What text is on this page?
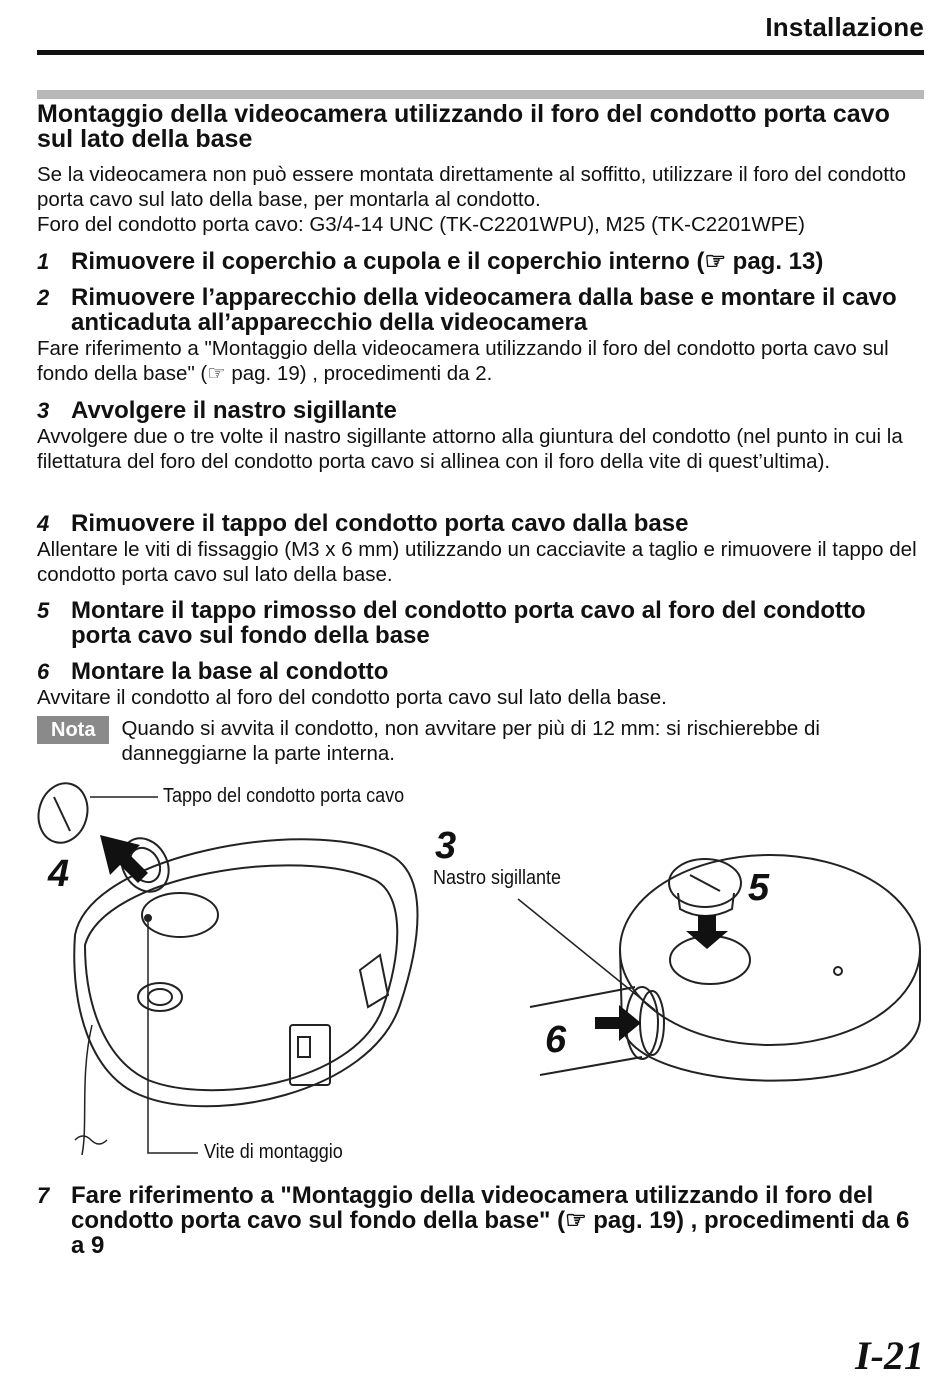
Installazione
Montaggio della videocamera utilizzando il foro del condotto porta cavo sul lato della base

Se la videocamera non può essere montata direttamente al soffitto, utilizzare il foro del condotto porta cavo sul lato della base, per montarla al condotto.

Foro del condotto porta cavo: G3/4-14 UNC (TK-C2201WPU), M25 (TK-C2201WPE)

1 Rimuovere il coperchio a cupola e il coperchio interno (☞ pag. 13)
2 Rimuovere l’apparecchio della videocamera dalla base e montare il cavo anticaduta all’apparecchio della videocamera
Fare riferimento a "Montaggio della videocamera utilizzando il foro del condotto porta cavo sul fondo della base" (☞ pag. 19) , procedimenti da 2.
3 Avvolgere il nastro sigillante
Avvolgere due o tre volte il nastro sigillante attorno alla giuntura del condotto (nel punto in cui la filettatura del foro del condotto porta cavo si allinea con il foro della vite di quest’ultima).
4 Rimuovere il tappo del condotto porta cavo dalla base
Allentare le viti di fissaggio (M3 x 6 mm) utilizzando un cacciavite a taglio e rimuovere il tappo del condotto porta cavo sul lato della base.
5 Montare il tappo rimosso del condotto porta cavo al foro del condotto porta cavo sul fondo della base
6 Montare la base al condotto
Avvitare il condotto al foro del condotto porta cavo sul lato della base.
Nota	Quando si avvita il condotto, non avvitare per più di 12 mm: si rischierebbe di danneggiarne la parte interna.
Tappo del condotto porta cavo
Nastro sigillante
Vite di montaggio
4
3
5
6
7 Fare riferimento a "Montaggio della videocamera utilizzando il foro del condotto porta cavo sul fondo della base" (☞ pag. 19) , procedimenti da 6 a 9
I-21
